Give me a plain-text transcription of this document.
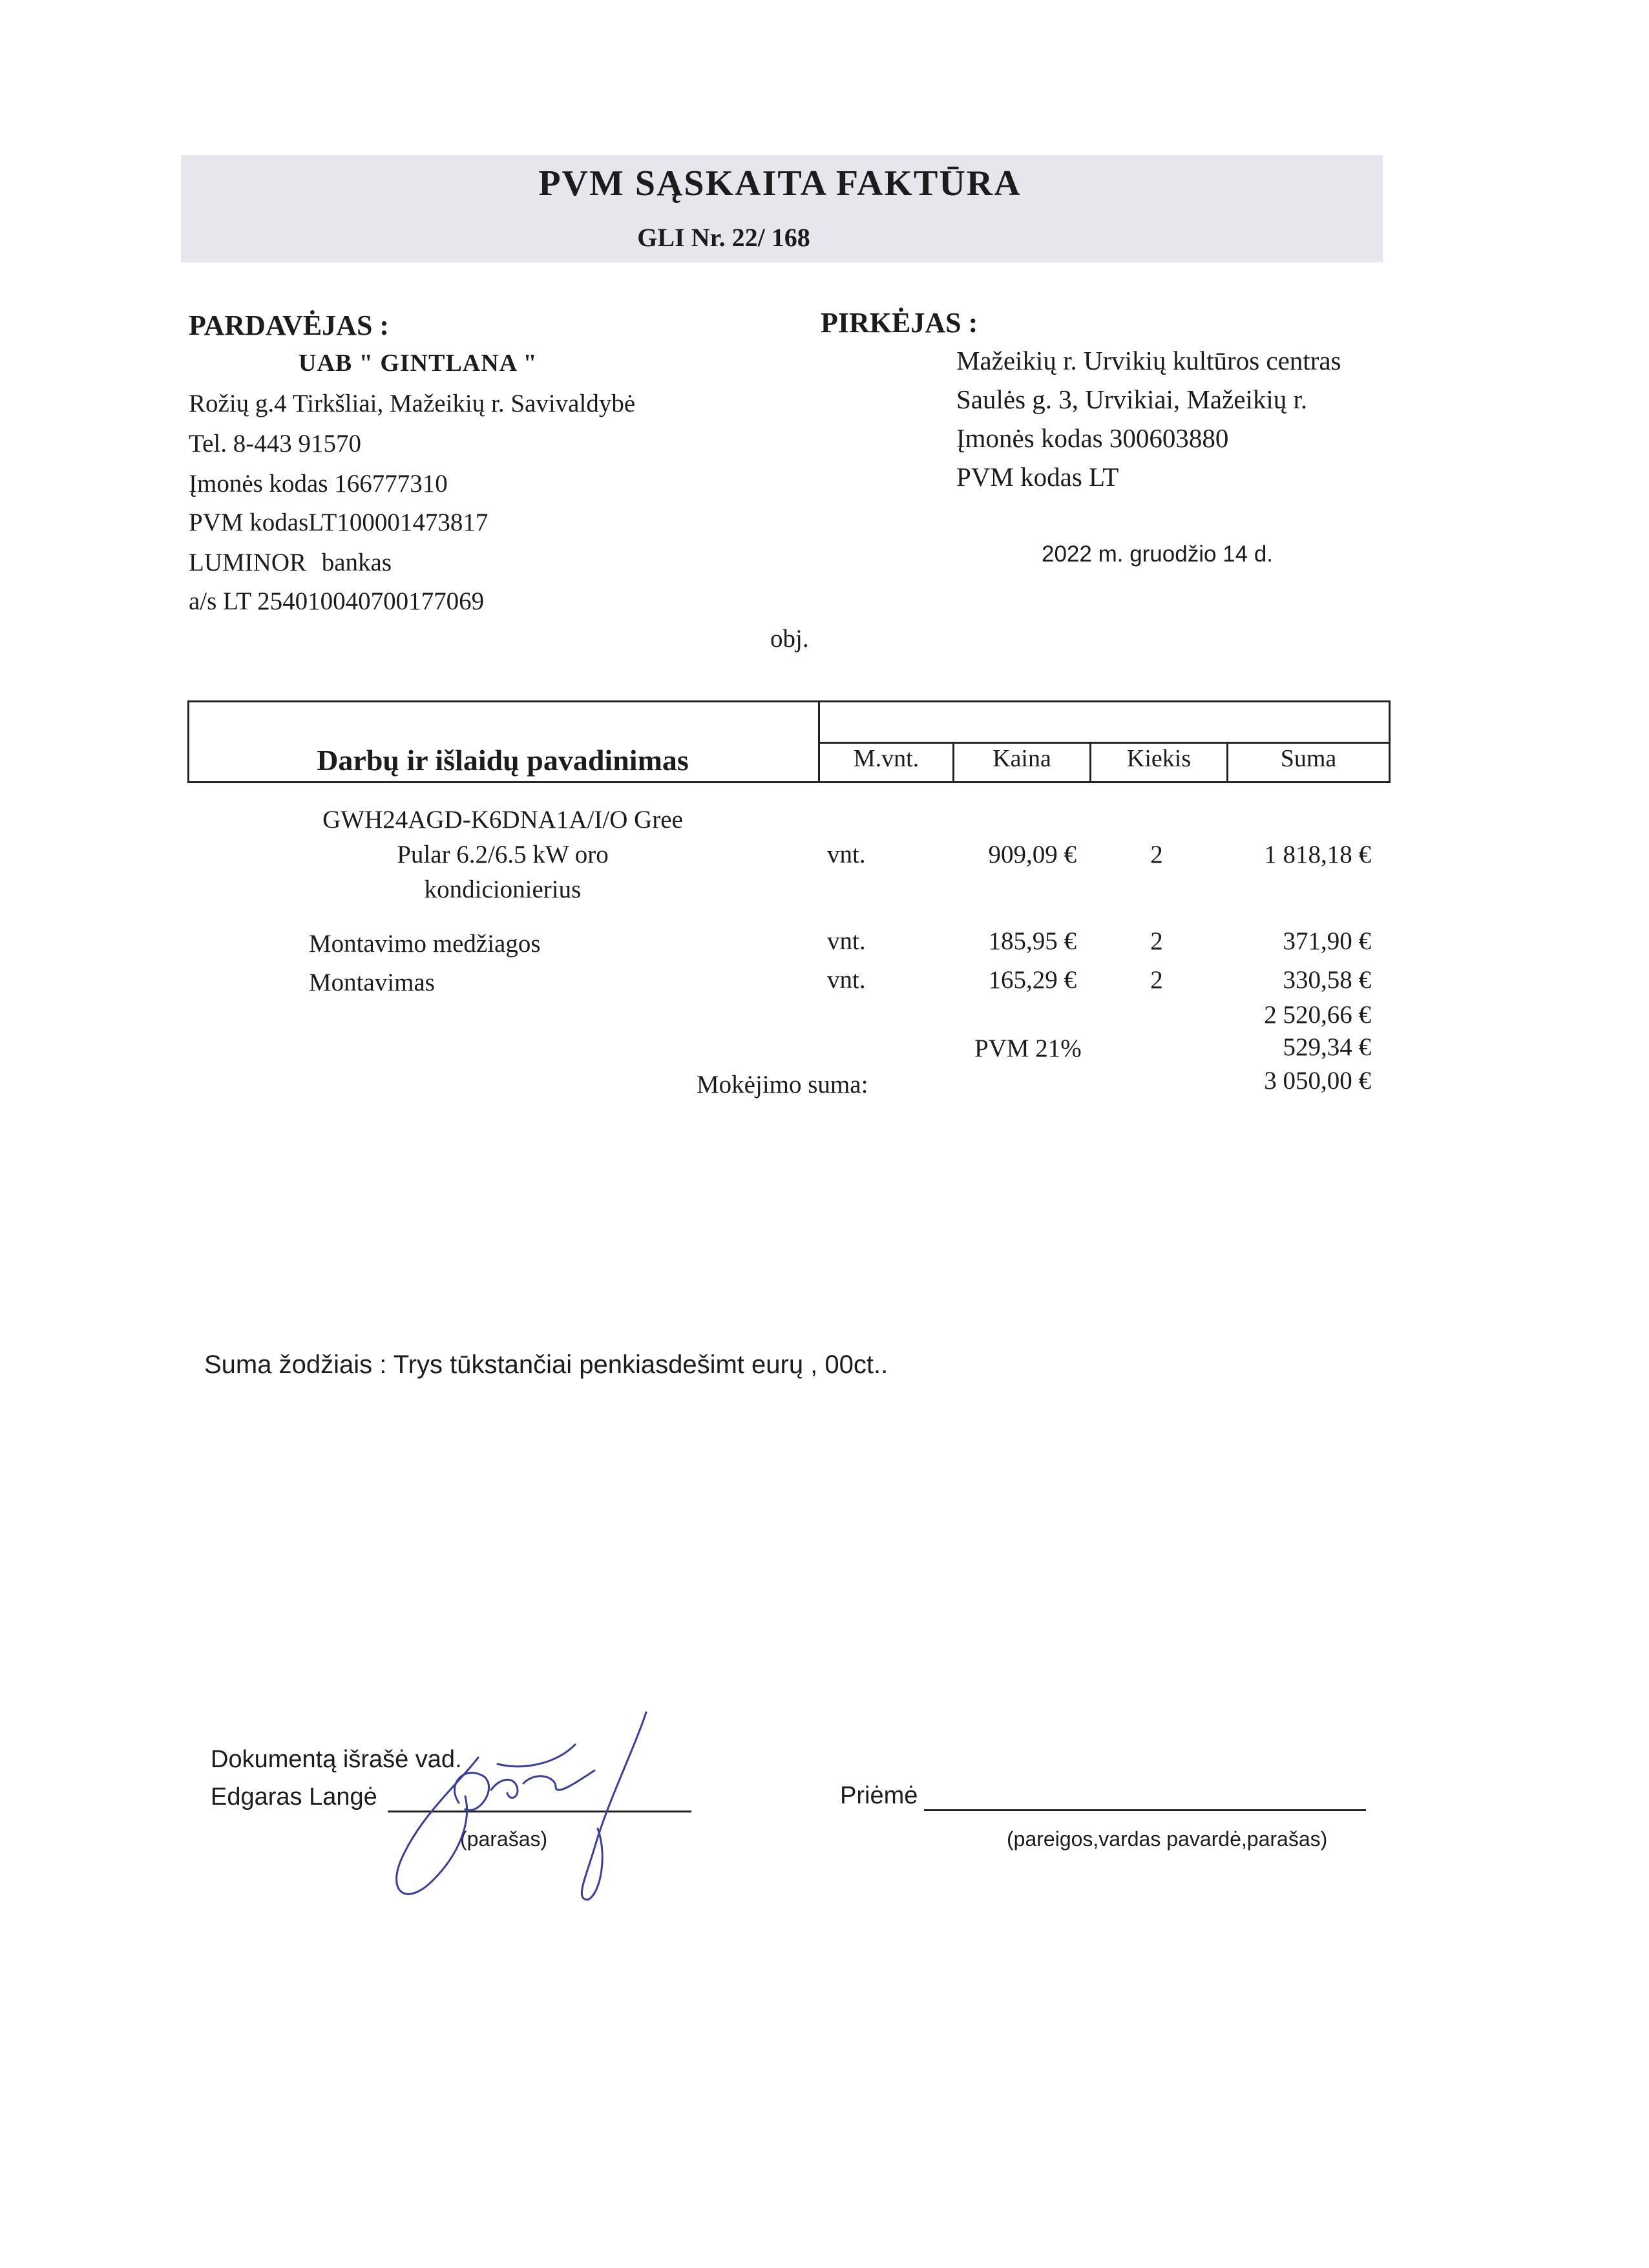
PVM SĄSKAITA FAKTŪRA
GLI Nr. 22/ 168
PARDAVĖJAS :
UAB " GINTLANA "
Rožių g.4 Tirkšliai, Mažeikių r. Savivaldybė
Tel. 8-443 91570
Įmonės kodas 166777310
PVM kodasLT100001473817
LUMINOR bankas
a/s LT 254010040700177069
PIRKĖJAS :
Mažeikių r. Urvikių kultūros centras
Saulės g. 3, Urvikiai, Mažeikių r.
Įmonės kodas 300603880
PVM kodas LT
2022 m. gruodžio 14 d.
obj.
Darbų ir išlaidų pavadinimas	M.vnt.	Kaina	Kiekis	Suma
GWH24AGD-K6DNA1A/I/O Gree
Pular 6.2/6.5 kW oro
kondicionierius
vnt.	909,09 €	2	1 818,18 €
Montavimo medžiagos	vnt.	185,95 €	2	371,90 €
Montavimas	vnt.	165,29 €	2	330,58 €
2 520,66 €
PVM 21%	529,34 €
Mokėjimo suma:	3 050,00 €
Suma žodžiais : Trys tūkstančiai penkiasdešimt eurų , 00ct..
Dokumentą išrašė vad.
Edgaras Langė
(parašas)
Priėmė
(pareigos,vardas pavardė,parašas)
